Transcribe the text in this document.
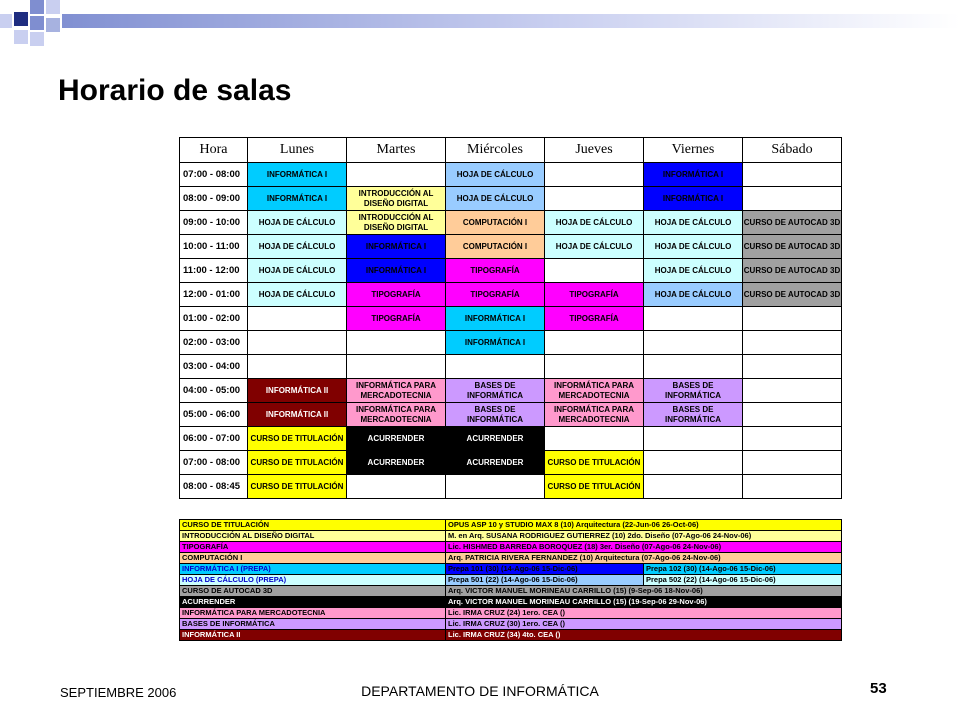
Horario de salas
Hora	Lunes	Martes	Miércoles	Jueves	Viernes	Sábado
07:00 - 08:00	INFORMÁTICA I		HOJA DE CÁLCULO		INFORMÁTICA I	
08:00 - 09:00	INFORMÁTICA I	INTRODUCCIÓN AL DISEÑO DIGITAL	HOJA DE CÁLCULO		INFORMÁTICA I	
09:00 - 10:00	HOJA DE CÁLCULO	INTRODUCCIÓN AL DISEÑO DIGITAL	COMPUTACIÓN I	HOJA DE CÁLCULO	HOJA DE CÁLCULO	CURSO DE AUTOCAD 3D
10:00 - 11:00	HOJA DE CÁLCULO	INFORMÁTICA I	COMPUTACIÓN I	HOJA DE CÁLCULO	HOJA DE CÁLCULO	CURSO DE AUTOCAD 3D
11:00 - 12:00	HOJA DE CÁLCULO	INFORMÁTICA I	TIPOGRAFÍA		HOJA DE CÁLCULO	CURSO DE AUTOCAD 3D
12:00 - 01:00	HOJA DE CÁLCULO	TIPOGRAFÍA	TIPOGRAFÍA	TIPOGRAFÍA	HOJA DE CÁLCULO	CURSO DE AUTOCAD 3D
01:00 - 02:00		TIPOGRAFÍA	INFORMÁTICA I	TIPOGRAFÍA		
02:00 - 03:00			INFORMÁTICA I			
03:00 - 04:00						
04:00 - 05:00	INFORMÁTICA II	INFORMÁTICA PARA MERCADOTECNIA	BASES DE INFORMÁTICA	INFORMÁTICA PARA MERCADOTECNIA	BASES DE INFORMÁTICA	
05:00 - 06:00	INFORMÁTICA II	INFORMÁTICA PARA MERCADOTECNIA	BASES DE INFORMÁTICA	INFORMÁTICA PARA MERCADOTECNIA	BASES DE INFORMÁTICA	
06:00 - 07:00	CURSO DE TITULACIÓN	ACURRENDER	ACURRENDER			
07:00 - 08:00	CURSO DE TITULACIÓN	ACURRENDER	ACURRENDER	CURSO DE TITULACIÓN		
08:00 - 08:45	CURSO DE TITULACIÓN			CURSO DE TITULACIÓN		
CURSO DE TITULACIÓN	OPUS ASP 10 y STUDIO MAX 8 (10) Arquitectura (22-Jun-06 26-Oct-06)	
INTRODUCCIÓN AL DISEÑO DIGITAL	M. en Arq. SUSANA RODRIGUEZ GUTIERREZ (10) 2do. Diseño (07-Ago-06 24-Nov-06)	
TIPOGRAFÍA	Lic. HISHMED BARREDA BOROQUEZ (18) 3er. Diseño (07-Ago-06 24-Nov-06)	
COMPUTACIÓN I	Arq. PATRICIA RIVERA FERNANDEZ (10) Arquitectura (07-Ago-06 24-Nov-06)	
INFORMÁTICA I (PREPA)	Prepa 101 (30) (14-Ago-06 15-Dic-06)	Prepa 102 (30) (14-Ago-06 15-Dic-06)
HOJA DE CÁLCULO (PREPA)	Prepa 501 (22) (14-Ago-06 15-Dic-06)	Prepa 502 (22) (14-Ago-06 15-Dic-06)
CURSO DE AUTOCAD 3D	Arq. VICTOR MANUEL MORINEAU CARRILLO (15) (9-Sep-06 18-Nov-06)	
ACURRENDER	Arq. VICTOR MANUEL MORINEAU CARRILLO (15) (19-Sep-06 29-Nov-06)	
INFORMÁTICA PARA MERCADOTECNIA	Lic. IRMA CRUZ (24) 1ero. CEA ()	
BASES DE INFORMÁTICA	Lic. IRMA CRUZ (30) 1ero. CEA ()	
INFORMÁTICA II	Lic. IRMA CRUZ (34) 4to. CEA ()	
SEPTIEMBRE 2006	DEPARTAMENTO DE INFORMÁTICA	53
